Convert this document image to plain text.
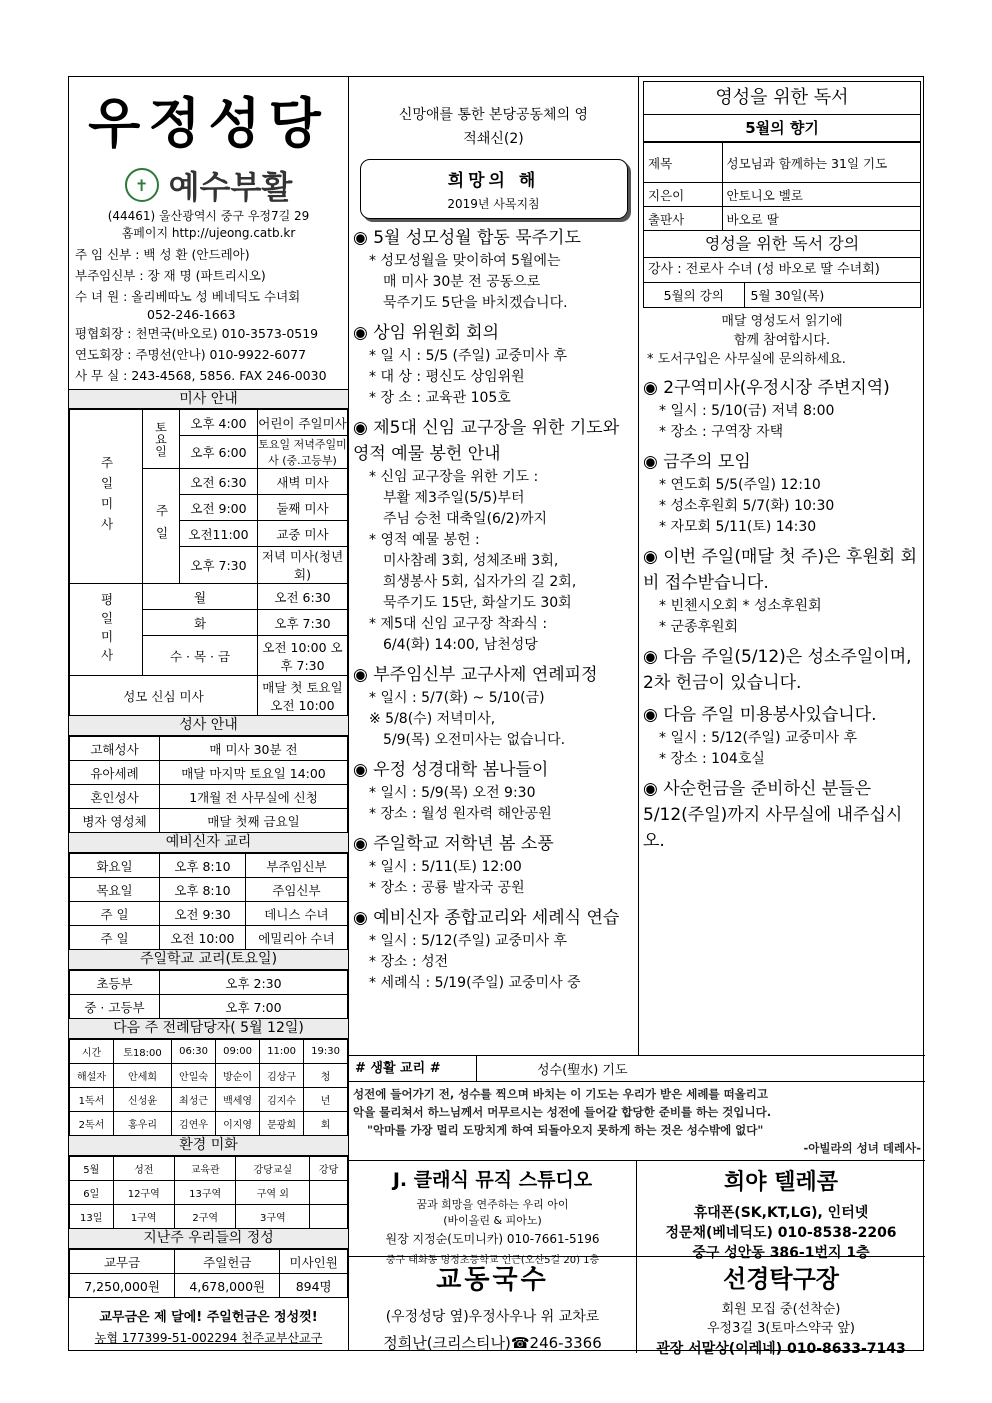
우정성당
✝ 예수부활
(44461) 울산광역시 중구 우정7길 29
홈페이지 http://ujeong.catb.kr
주 임 신부 : 백 성 환 (안드레아)
부주임신부 : 장 재 명 (파트리시오)
수 녀 원 : 올리베따노 성 베네딕도 수녀회
052-246-1663
평협회장 : 천면국(바오로) 010-3573-0519
연도회장 : 주명선(안나) 010-9922-6077
사 무 실 : 243-4568, 5856. FAX 246-0030
미사 안내
주일미사	토요일	오후 4:00	어린이 주일미사
		오후 6:00	토요일 저녁주일미사 (중.고등부)
	주일	오전 6:30	새벽 미사
		오전 9:00	둘째 미사
		오전11:00	교중 미사
		오후 7:30	저녁 미사(청년회)
평일미사	월		오전 6:30
	화		오후 7:30
	수 · 목 · 금		오전 10:00 오후 7:30
성모 신심 미사			매달 첫 토요일 오전 10:00
성사 안내
고해성사	매 미사 30분 전
유아세례	매달 마지막 토요일 14:00
혼인성사	1개월 전 사무실에 신청
병자 영성체	매달 첫째 금요일
예비신자 교리
화요일	오후 8:10	부주임신부
목요일	오후 8:10	주임신부
주 일	오전 9:30	데니스 수녀
주 일	오전 10:00	에밀리아 수녀
주일학교 교리(토요일)
초등부	오후 2:30
중 · 고등부	오후 7:00
다음 주 전례담당자( 5월 12일)
시간	토18:00	06:30	09:00	11:00	19:30
해설자	안세희	안일숙	방순이	김상구	청
1독서	신성윤	최성근	백세영	김지수	년
2독서	홍우리	김연우	이지영	문광희	회
환경 미화
5월	성전	교육관	강당교실	강당
6일	12구역	13구역	구역 외	
13일	1구역	2구역	3구역	
지난주 우리들의 정성
교무금	주일헌금	미사인원
7,250,000원	4,678,000원	894명
교무금은 제 달에! 주일헌금은 정성껏!
농협 177399-51-002294 천주교부산교구
신망애를 통한 본당공동체의 영적쇄신(2)
희망의 해
2019년 사목지침
◉ 5월 성모성월 합동 묵주기도
* 성모성월을 맞이하여 5월에는
매 미사 30분 전 공동으로
묵주기도 5단을 바치겠습니다.
◉ 상임 위원회 회의
* 일 시 : 5/5 (주일) 교중미사 후
* 대 상 : 평신도 상임위원
* 장 소 : 교육관 105호
◉ 제5대 신임 교구장을 위한 기도와 영적 예물 봉헌 안내
* 신임 교구장을 위한 기도 :
부활 제3주일(5/5)부터
주님 승천 대축일(6/2)까지
* 영적 예물 봉헌 :
미사참례 3회, 성체조배 3회,
희생봉사 5회, 십자가의 길 2회,
묵주기도 15단, 화살기도 30회
* 제5대 신임 교구장 착좌식 :
6/4(화) 14:00, 남천성당
◉ 부주임신부 교구사제 연례피정
* 일시 : 5/7(화) ~ 5/10(금)
※ 5/8(수) 저녁미사,
5/9(목) 오전미사는 없습니다.
◉ 우정 성경대학 봄나들이
* 일시 : 5/9(목) 오전 9:30
* 장소 : 월성 원자력 해안공원
◉ 주일학교 저학년 봄 소풍
* 일시 : 5/11(토) 12:00
* 장소 : 공룡 발자국 공원
◉ 예비신자 종합교리와 세례식 연습
* 일시 : 5/12(주일) 교중미사 후
* 장소 : 성전
* 세례식 : 5/19(주일) 교중미사 중
영성을 위한 독서
5월의 향기
제목	성모님과 함께하는 31일 기도
지은이	안토니오 벨로
출판사	바오로 딸
영성을 위한 독서 강의
강사 : 전로사 수녀 (성 바오로 딸 수녀회)
5월의 강의	5월 30일(목)
매달 영성도서 읽기에
함께 참여합시다.
* 도서구입은 사무실에 문의하세요.
◉ 2구역미사(우정시장 주변지역)
* 일시 : 5/10(금) 저녁 8:00
* 장소 : 구역장 자택
◉ 금주의 모임
* 연도회 5/5(주일) 12:10
* 성소후원회 5/7(화) 10:30
* 자모회 5/11(토) 14:30
◉ 이번 주일(매달 첫 주)은 후원회 회비 접수받습니다.
* 빈첸시오회 * 성소후원회
* 군종후원회
◉ 다음 주일(5/12)은 성소주일이며, 2차 헌금이 있습니다.
◉ 다음 주일 미용봉사있습니다.
* 일시 : 5/12(주일) 교중미사 후
* 장소 : 104호실
◉ 사순헌금을 준비하신 분들은 5/12(주일)까지 사무실에 내주십시오.
# 생활 교리 #	성수(聖水) 기도
성전에 들어가기 전, 성수를 찍으며 바치는 이 기도는 우리가 받은 세례를 떠올리고
악을 물리쳐서 하느님께서 머무르시는 성전에 들어갈 합당한 준비를 하는 것입니다.
"악마를 가장 멀리 도망치게 하여 되돌아오지 못하게 하는 것은 성수밖에 없다"
-아빌라의 성녀 데레사-
J. 클래식 뮤직 스튜디오
꿈과 희망을 연주하는 우리 아이
(바이올린 & 피아노)
원장 지정순(도미니카) 010-7661-5196
중구 태화동 명정초등학교 인근(오산5길 20) 1층
희야 텔레콤
휴대폰(SK,KT,LG), 인터넷
정문채(베네딕도) 010-8538-2206
중구 성안동 386-1번지 1층
교동국수
(우정성당 옆)우정사우나 위 교차로
정희난(크리스티나)☎246-3366
선경탁구장
회원 모집 중(선착순)
우정3길 3(토마스약국 앞)
관장 서말상(이레네) 010-8633-7143
